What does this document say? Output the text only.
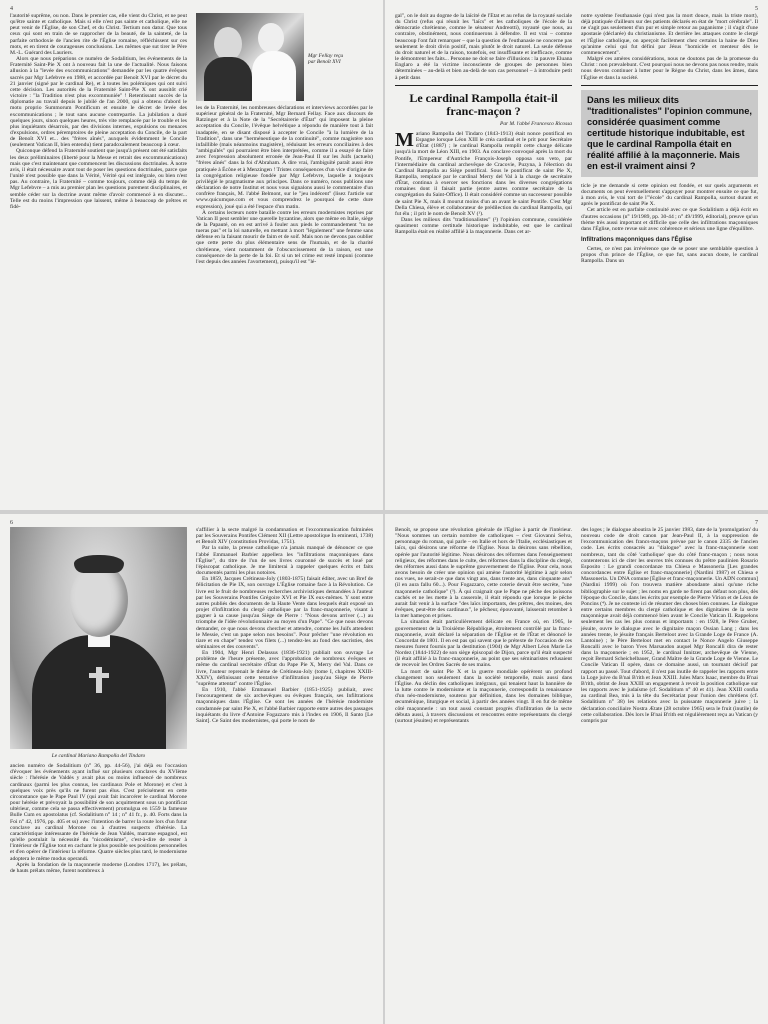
4

l'autorité suprême, ou non. Dans le premier cas, elle vient du Christ, et ne peut qu'être sainte et catholique. Mais si elle n'est pas sainte et catholique, elle ne peut venir de l'Église, de son Chef, et du Christ. Tertium non datur. Que tous ceux qui sont en train de se rapprocher de la beauté, de la sainteté, de la parfaite orthodoxie de l'ancien rite de l'Église romaine, réfléchissent sur ces mots, et en tirent de courageuses conclusions. Les mêmes que sut tirer le Père M.-L. Guérard des Lauriers.

Alors que nous préparions ce numéro de Sodalitium, les événements de la Fraternité Saint-Pie X ont à nouveau fait la une de l'actualité. Nous faisons allusion à la "levée des excommunications" demandée par les quatre évêques sacrés par Mgr Lefebvre en 1988, et accordée par Benoît XVI par le décret du 21 janvier (signé par le cardinal Re), et à toutes les polémiques qui ont suivi cette décision. Les autorités de la Fraternité Saint-Pie X ont aussitôt crié victoire : "la Tradition n'est plus excommuniée" ! Retentissant succès de la diplomatie au travail depuis le jubilé de l'an 2000, qui a obtenu d'abord le motu proprio Summorum Pontificum et ensuite le décret de levée des excommunications ; le tout sans aucune contrepartie. La jubilation a duré quelques jours, sinon quelques heures, très vite remplacée par le trouble et les plus inquiétants désarrois, par des divisions internes, expulsions ou menaces d'expulsions, ordres péremptoires de pleine acceptation du Concile, de la part de Benoît XVI et... des "frères aînés", auxquels évidemment le Concile (seulement Vatican II, bien entendu) tient paradoxalement beaucoup à cœur.

Quiconque défend la Fraternité soutient que jusqu'à présent ont été satisfaits les deux préliminaires (liberté pour la Messe et retrait des excommunications) mais que c'est maintenant que commencent les discussions doctrinales. À notre avis, il était nécessaire avant tout de poser les questions doctrinales, parce que l'unité n'est possible que dans la Vérité, Vérité qui est intégrale, ou bien n'est pas. Au contraire, la Fraternité – comme toujours, comme déjà du temps de Mgr Lefebvre – a mis au premier plan les questions purement disciplinaires, et semble céder sur la doctrine avant même d'avoir commencé à en discuter... Telle est du moins l'impression que laissent, même à beaucoup de prêtres et fidè-

Mgr Fellay reçu par Benoît XVI

les de la Fraternité, les nombreuses déclarations et interviews accordées par le supérieur général de la Fraternité, Mgr Bernard Fellay. Face aux discours de Ratzinger et à la Note de la "Secrétairerie d'État" qui imposent la pleine acceptation du Concile, l'évêque helvétique a répondu de manière tout à fait inadaptée, en se disant disposé à accepter le Concile "à la lumière de la Tradition", dans une "herméneutique de la continuité", comme magistère non infaillible (mais néanmoins magistère), réduisant les erreurs conciliaires à des "ambiguïtés" qui pourraient être bien interprétées, comme il a essayé de faire avec l'expression absolument erronée de Jean-Paul II sur les Juifs (actuels) "frères aînés" dans la foi d'Abraham. À dire vrai, l'ambiguïté paraît aussi être pratiquée à Écône et à Menzingen ! Tristes conséquences d'un vice d'origine de la congrégation religieuse fondée par Mgr Lefebvre, laquelle a toujours privilégié le pragmatisme aux principes. Dans ce numéro, nous publions une déclaration de notre Institut et nous vous signalons aussi le commentaire d'un confrère français, M. l'abbé Belmont, sur le "jeu indécent" (lisez l'article sur www.quicumque.com et vous comprendrez le pourquoi de cette dure expression), joué qui a été l'espace d'un matin.

À certains lecteurs notre bataille contre les erreurs modernistes reprises par Vatican II peut sembler une querelle byzantine, alors que même en Italie, siège de la Papauté, on en est arrivé à fouler aux pieds le commandement "tu ne tueras pas" et la loi naturelle, en mettant à mort "légalement" une femme sans défense en la faisant mourir de faim et de soif. Mais non ne devons pas oublier que cette perte du plus élémentaire sens de l'humain, et de la charité chrétienne, vient notamment de l'obscurcissement de la raison, est une conséquence de la perte de la foi. Et si un tel crime est resté impuni (comme l'est depuis des années l'avortement), puisqu'il est "lé-

5

gal", on le doit au dogme de la laïcité de l'État et au refus de la royauté sociale du Christ (refus qui réunit les "laïcs" et les catholiques de l'école de la démocratie chrétienne, comme le sénateur Andreotti), royauté que nous, au contraire, obstinément, nous continuerons à défendre. Il est vrai – comme beaucoup l'ont fait remarquer – que la question de l'euthanasie ne concerne pas seulement le droit divin positif, mais plutôt le droit naturel. La seule défense du droit naturel et de la raison, toutefois, est insuffisante et inefficace, comme le démontrent les faits... Personne ne doit se faire d'illusions : la pauvre Eluana Englaro a été la victime inconsciente de groupes de personnes bien déterminées – au-delà et bien au-delà de son cas personnel – à introduire petit à petit dans

Le cardinal Rampolla était-il franc-maçon ?
Par M. l'abbé Francesco Ricossa

Mariano Rampolla del Tindaro (1843-1913) était nonce pontifical en Espagne lorsque Léon XIII le créa cardinal et le prit pour Secrétaire d'État (1887) ; le cardinal Rampolla remplit cette charge délicate jusqu'à la mort de Léon XIII, en 1903. Au conclave convoqué après la mort du Pontife, l'Empereur d'Autriche François-Joseph opposa son veto, par l'intermédiaire du cardinal archevêque de Cracovie, Puzyna, à l'élection du Cardinal Rampolla au Siège pontifical. Sous le pontificat de saint Pie X, Rampolla, remplacé par le cardinal Merry del Val à la charge de secrétaire d'État, continua à exercer ses fonctions dans les diverses congrégations romaines dont il faisait partie (entre autres comme secrétaire de la congrégation du Saint-Office). Il était considéré comme un successeur possible de saint Pie X, mais il mourut moins d'un an avant le saint Pontife. C'est Mgr Della Chiesa, élève et collaborateur de prédilection du cardinal Rampolla, qui fut élu ; il prit le nom de Benoît XV (¹).

Dans les milieux dits "traditionalistes" (²) l'opinion commune, considérée quasiment comme certitude historique indubitable, est que le cardinal Rampolla était en réalité affilié à la maçonnerie. Dans cet ar-

notre système l'euthanasie (qui n'est pas la mort douce, mais la triste mort), déjà pratiquée d'ailleurs sur des patients déclarés en état de "mort cérébrale". Il ne s'agit pas seulement d'un pur et simple retour au paganisme ; il s'agit d'une apostasie (déclarée) du christianisme. Et derrière les attaques contre le clergé et l'Église catholique, on aperçoit facilement chez certains la haine de Dieu qu'anime celui qui fut défini par Jésus "homicide et menteur dès le commencement".

Malgré ces amères considérations, nous ne doutons pas de la promesse du Christ : non prævalebunt. C'est pourquoi nous ne devons pas nous rendre, mais nous devons continuer à lutter pour le Règne du Christ, dans les âmes, dans l'Église et dans la société.

Dans les milieux dits "traditionalistes" l'opinion commune, considérée quasiment comme certitude historique indubitable, est que le cardinal Rampolla était en réalité affilié à la maçonnerie. Mais en est-il vraiment ainsi ?

ticle je me demande si cette opinion est fondée, et sur quels arguments et documents on peut éventuellement s'appuyer pour montrer ensuite ce que fut, à mon avis, le vrai tort de l'"école" du cardinal Rampolla, surtout durant et après le pontificat de saint Pie X.

Cet article est en parfaite continuité avec ce que Sodalitium a déjà écrit en d'autres occasions (n° 19/1989, pp. 30-44 ; n° 49/1999, éditorial), preuve qu'un thème très aussi important et difficile que celle des infiltrations maçonniques dans l'Église, notre revue suit avec cohérence et sérieux une ligne d'équilibre.

Infiltrations maçonniques dans l'Église

Certes, ce n'est pas irrévérence que de se poser une semblable question à propos d'un prince de l'Église, ce que fut, sans aucun doute, le cardinal Rampolla. Dans un

6
Le cardinal Mariano Rampolla del Tindaro

ancien numéro de Sodalitium (n° 36, pp. 44-56), j'ai déjà eu l'occasion d'évoquer les événements ayant influé sur plusieurs conclaves du XVIème siècle : l'hérésie de Valdès y avait plus ou moins influencé de nombreux cardinaux (parmi les plus connus, les cardinaux Pole et Morone) et c'est à quelques voix près qu'ils ne furent pas élus. C'est précisément en cette circonstance que le Pape Paul IV (qui avait fait incarcérer le cardinal Morone pour hérésie et prévoyait la possibilité de son acquittement sous un pontificat ultérieur, comme cela se passa effectivement) promulgua en 1559 la fameuse Bulle Cum ex apostolatus (cf. Sodalitium n° 14 ; n° 41 fr., p. 40. Forts dans la Foi n° 42, 1976, pp. 405 et ss) avec l'intention de barrer la route lors d'un futur conclave au cardinal Morone ou à d'autres suspects d'hérésie. La caractéristique intéressante de l'hérésie de Jean Valdès, marrane espagnol, est qu'elle postulait la nécessité du "nicodémisme", c'est-à-dire de rester à l'intérieur de l'Église tout en cachant le plus possible ses positions personnelles et d'en opérer de l'intérieur la réforme. Quatre siècles plus tard, le modernisme adoptera le même modus operandi.

Après la fondation de la maçonnerie moderne (Londres 1717), les prélats, de hauts prélats même, furent nombreux à

s'affilier à la secte malgré la condamnation et l'excommunication fulminées par les Souverains Pontifes Clément XII (Lettre apostolique In eminenti, 1738) et Benoît XIV (constitution Providas, 1751).

Par la suite, la presse catholique n'a jamais manqué de dénoncer ce que l'abbé Emmanuel Barbier appellera les "infiltrations maçonniques dans l'Église", du titre de l'un de ses livres couronné de succès et loué par l'épiscopat catholique. Je me limiterai à rappeler quelques écrits et faits documentés parmi les plus notoires.

En 1859, Jacques Crétineau-Joly (1803-1875) faisait éditer, avec un Bref de félicitation de Pie IX, son ouvrage L'Église romaine face à la Révolution. Ce livre est le fruit de nombreuses recherches archivistiques demandées à l'auteur par les Souverains Pontifes Grégoire XVI et Pie IX eux-mêmes. Y sont entre autres publiés des documents de la Haute Vente dans lesquels était exposé un projet d'infiltration du clergé catholique par la franc-maçonnerie, visant à gagner à sa cause jusqu'au Siège de Pierre : "Nous devons arriver (...) au triomphe de l'idée révolutionnaire au moyen d'un Pape". "Ce que nous devons demander, ce que nous devons chercher et attendre, comme les Juifs attendent le Messie, c'est un pape selon nos besoins". Pour prêcher "une révolution en tiare et en chape" tendez vos filets (...) tendez-les au fond des sacristies, des séminaires et des couvents".

En 1904, Mgr Henri Delassus (1836-1921) publiait son ouvrage Le problème de l'heure présente, avec l'approbation de nombreux évêques et même du cardinal secrétaire d'État du Pape Pie X, Merry del Val. Dans ce livre, l'auteur reprenait le thème de Crétineau-Joly (tome I, chapitres XXIII-XXIV), définissant cette tentative d'infiltration jusqu'au Siège de Pierre "suprême attentat" contre l'Église.

En 1910, l'abbé Emmanuel Barbier (1851-1925) publiait, avec l'encouragement de six archevêques ou évêques français, ses Infiltrations maçonniques dans l'Église. Ce sont les années de l'hérésie moderniste condamnée par saint Pie X, et l'abbé Barbier rapporte entre autres des passages inquiétants du livre d'Antoine Fogazzaro mis à l'index en 1906, Il Santo [Le Saint]. Ce Saint des modernistes, qui porte le nom de

7

Benoît, se propose une révolution générale de l'Église à partir de l'intérieur. "Nous sommes un certain nombre de catholiques – c'est Giovanni Selva, personnage du roman, qui parle – en Italie et hors de l'Italie, ecclésiastiques et laïcs, qui désirons une réforme de l'Église. Nous la désirons sans rébellion, opérée par l'autorité légitime. Nous désirons des réformes dans l'enseignement religieux, des réformes dans le culte, des réformes dans la discipline du clergé, des réformes aussi dans le suprême gouvernement de l'Église. Pour cela, nous avons besoin de créer une opinion qui amène l'autorité légitime à agir selon nos vues, ne serait-ce que dans vingt ans, dans trente ans, dans cinquante ans" (il en aura fallu 60...). Pour Fogazzaro, cette coterie devait être secrète, "une maçonnerie catholique" (³). À qui craignait que le Pape ne pêche des poissons cachés et ne les mette à la casserole, il était répondu que lorsque le pêche aurait fait venir à la surface "des laïcs importants, des prêtres, des moines, des évêques, peut-être des cardinaux", le pêcheur, épouvanté, laisserait retomber à la mer hameçon et prises.

La situation était particulièrement délicate en France où, en 1905, le gouvernement de la Troisième République, étroitement contrôlé par la franc-maçonnerie, avait déclaré la séparation de l'Église et de l'État et dénoncé le Concordat de 1801. Il en est pas qui savent que le prétexte de l'occasion de ces mesures furent fournis par la destitution (1904) de Mgr Albert Léon Marie Le Nordez (1844-1922) de son siège épiscopal de Dijon, parce qu'il était suspecté (il était affilié à la franc-maçonnerie, au point que ses séminaristes refusaient de recevoir les Ordres Sacrés de ses mains.

La mort de saint Pie X et la guerre mondiale opérèrent un profond changement non seulement dans la société temporelle, mais aussi dans l'Église. Au déclin des catholiques intégraux, qui tenaient haut la bannière de la lutte contre le modernisme et la maçonnerie, correspondit la renaissance d'un néo-modernisme, soutenu par définition, dans les domaines biblique, œcuménique, liturgique et social, à partir des années vingt. Il en fut de même côté maçonnerie : un tout aussi constant progrès d'infiltration de la secte débuta aussi, à travers discussions et rencontres entre représentants du clergé (surtout jésuites) et représentants

des loges ; le dialogue aboutira le 25 janvier 1983, date de la 'promulgation' du nouveau code de droit canon par Jean-Paul II, à la suppression de l'excommunication des francs-maçons prévue par le canon 2335 de l'ancien code. Les écrits consacrés au "dialogue" avec la franc-maçonnerie sont nombreux, tant du côté 'catholique' que du côté franc-maçon ; nous nous contenterons ici de citer les œuvres très connues du prêtre paulinien Rosario Esposito : Le grandi concordanze tra Chiesa e Massoneria [Les grandes concordances entre Église et franc-maçonnerie] (Nardini 1987) et Chiesa e Massoneria. Un DNA comune [Église et franc-maçonnerie. Un ADN commun] (Nardini 1999) où l'on trouvera matière abondante ainsi qu'une riche bibliographie sur le sujet ; les noms en garde ne firent pas défaut non plus, dès l'époque du Concile, dans les écrits par exemple de Pierre Virion et de Léon de Poncins (⁴). Je ne conteste ici de résumer des choses bien connues. Le dialogue entre certains membres du clergé catholique et des dignitaires de la secte maçonnique avait déjà commencé bien avant le Concile Vatican II. Rappelons seulement les cas les plus connus et importants : en 1928, le Père Gruber, jésuite, ouvre le dialogue avec le dignitaire maçon Ossian Lang ; dans les années trente, le jésuite français Berteloot avec la Grande Loge de France (A. Lantoine) ; le Père Berteloot met en contact le Nonce Angelo Giuseppe Roncalli avec le baron Yves Marsaudon auquel Mgr Roncalli dira de rester dans la maçonnerie ; en 1952, le cardinal Innitzer, archevêque de Vienne, reçoit Bernard Scheichelbauer, Grand Maître de la Grande Loge de Vienne. Le Concile Vatican II opère, dans ce domaine aussi, un tournant décisif par rapport au passé. Tout d'abord, il n'est pas inutile de rappeler les rapports entre la Loge juive du B'nai B'rith et Jean XXIII. Jules Marx Isaac, membre du B'nai B'rith, obtint de Jean XXIII un engagement à revoir la position catholique sur les rapports avec le judaïsme (cf. Sodalitium n° 40 et 41). Jean XXIII confia au cardinal Bea, mis à la tête du Secrétariat pour l'union des chrétiens (cf. Sodalitium n° 38) les relations avec la puissante maçonnerie juive ; la déclaration conciliaire Nostra Ætate (28 octobre 1965) sera le fruit (inutile) de cette collaboration. Dès lors le B'nai B'rith est régulièrement reçu au Vatican (y compris par
